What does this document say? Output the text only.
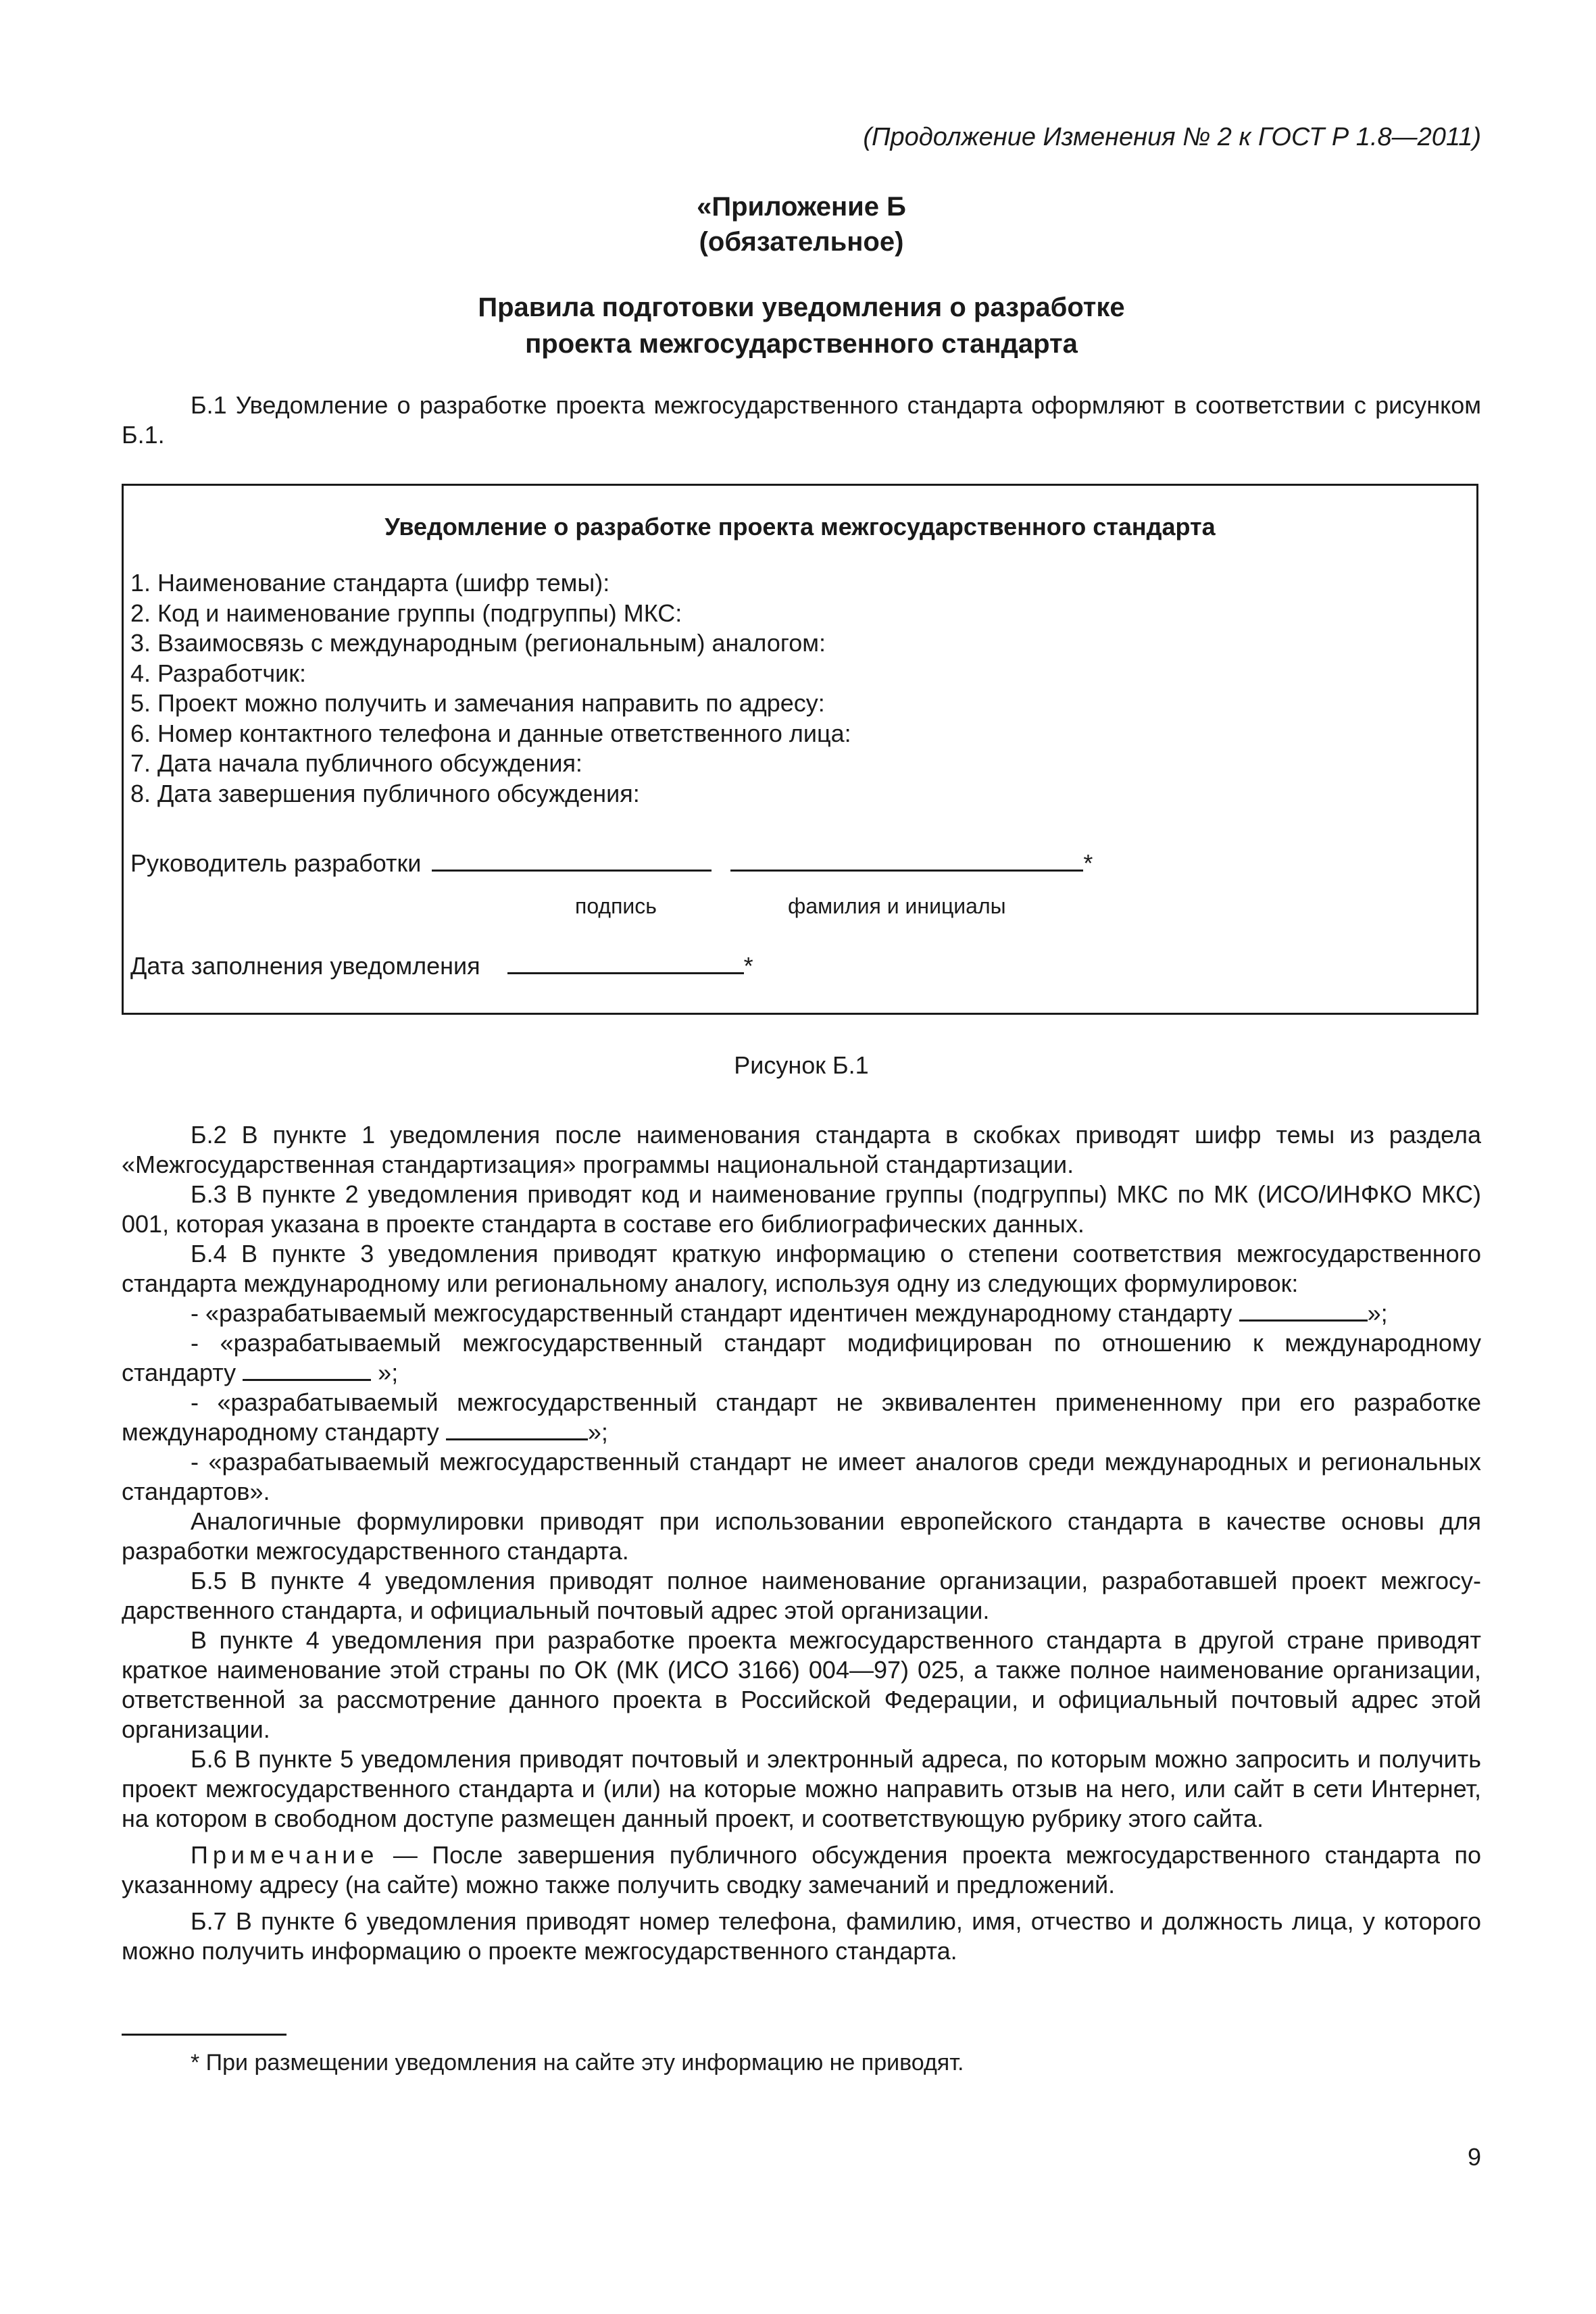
(Продолжение Изменения № 2 к ГОСТ Р 1.8—2011)
«Приложение Б
(обязательное)
Правила подготовки уведомления о разработке
проекта межгосударственного стандарта

Б.1 Уведомление о разработке проекта межгосударственного стандарта оформляют в соответствии с рисунком Б.1.

Уведомление о разработке проекта межгосударственного стандарта
1. Наименование стандарта (шифр темы):
2. Код и наименование группы (подгруппы) МКС:
3. Взаимосвязь с международным (региональным) аналогом:
4. Разработчик:
5. Проект можно получить и замечания направить по адресу:
6. Номер контактного телефона и данные ответственного лица:
7. Дата начала публичного обсуждения:
8. Дата завершения публичного обсуждения:
Руководитель разработки	*
подпись	фамилия и инициалы
Дата заполнения уведомления	*
Рисунок Б.1

Б.2 В пункте 1 уведомления после наименования стандарта в скобках приводят шифр темы из раздела «Межгосударственная стандартизация» программы национальной стандартизации.

Б.3 В пункте 2 уведомления приводят код и наименование группы (подгруппы) МКС по МК (ИСО/ИНФКО МКС) 001, которая указана в проекте стандарта в составе его библиографических данных.

Б.4 В пункте 3 уведомления приводят краткую информацию о степени соответствия межгосударственного стандарта международному или региональному аналогу, используя одну из следующих формулировок:

- «разрабатываемый межгосударственный стандарт идентичен международному стандарту	»;

- «разрабатываемый межгосударственный стандарт модифицирован по отношению к международному стандарту	»;

- «разрабатываемый межгосударственный стандарт не эквивалентен примененному при его разработке международному стандарту	»;

- «разрабатываемый межгосударственный стандарт не имеет аналогов среди международных и региональных стандартов».

Аналогичные формулировки приводят при использовании европейского стандарта в качестве основы для разработки межгосударственного стандарта.

Б.5 В пункте 4 уведомления приводят полное наименование организации, разработавшей проект межгосударственного стандарта, и официальный почтовый адрес этой организации.

В пункте 4 уведомления при разработке проекта межгосударственного стандарта в другой стране приводят краткое наименование этой страны по ОК (МК (ИСО 3166) 004—97) 025, а также полное наименование организации, ответственной за рассмотрение данного проекта в Российской Федерации, и официальный почтовый адрес этой организации.

Б.6 В пункте 5 уведомления приводят почтовый и электронный адреса, по которым можно запросить и получить проект межгосударственного стандарта и (или) на которые можно направить отзыв на него, или сайт в сети Интернет, на котором в свободном доступе размещен данный проект, и соответствующую рубрику этого сайта.

Примечание — После завершения публичного обсуждения проекта межгосударственного стандарта по указанному адресу (на сайте) можно также получить сводку замечаний и предложений.

Б.7 В пункте 6 уведомления приводят номер телефона, фамилию, имя, отчество и должность лица, у которого можно получить информацию о проекте межгосударственного стандарта.

* При размещении уведомления на сайте эту информацию не приводят.
9
